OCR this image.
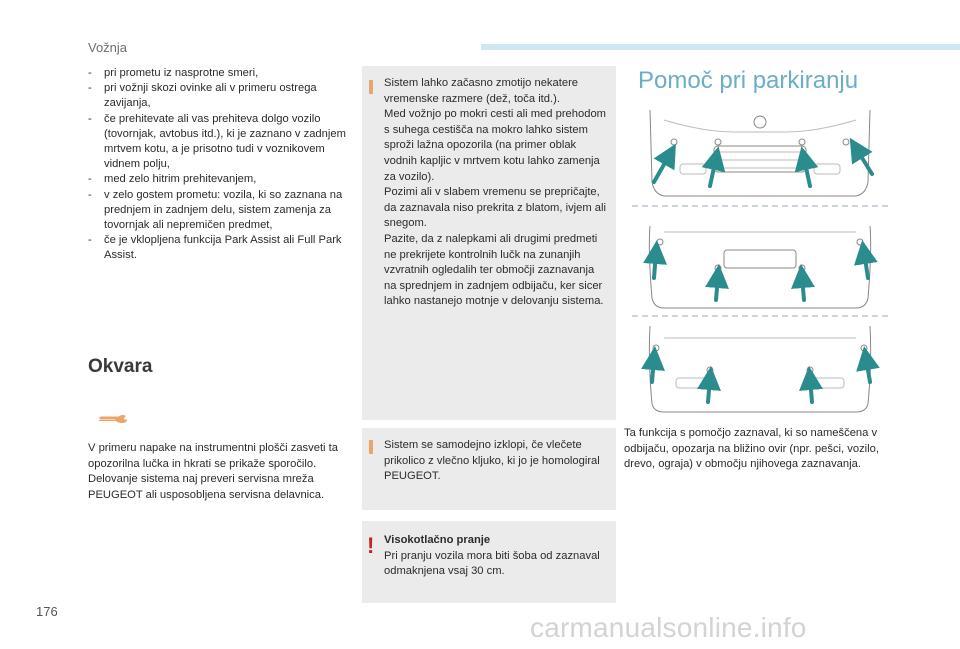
Vožnja
- pri prometu iz nasprotne smeri,
- pri vožnji skozi ovinke ali v primeru ostrega zavijanja,
- če prehitevate ali vas prehiteva dolgo vozilo (tovornjak, avtobus itd.), ki je zaznano v zadnjem mrtvem kotu, a je prisotno tudi v voznikovem vidnem polju,
- med zelo hitrim prehitevanjem,
- v zelo gostem prometu: vozila, ki so zaznana na prednjem in zadnjem delu, sistem zamenja za tovornjak ali nepremičen predmet,
- če je vklopljena funkcija Park Assist ali Full Park Assist.
Okvara

V primeru napake na instrumentni plošči zasveti ta opozorilna lučka in hkrati se prikaže sporočilo.
Delovanje sistema naj preveri servisna mreža PEUGEOT ali usposobljena servisna delavnica.

Sistem lahko začasno zmotijo nekatere vremenske razmere (dež, toča itd.).
Med vožnjo po mokri cesti ali med prehodom s suhega cestišča na mokro lahko sistem sproži lažna opozorila (na primer oblak vodnih kapljic v mrtvem kotu lahko zamenja za vozilo).
Pozimi ali v slabem vremenu se prepričajte, da zaznavala niso prekrita z blatom, ivjem ali snegom.
Pazite, da z nalepkami ali drugimi predmeti ne prekrijete kontrolnih lučk na zunanjih vzvratnih ogledalih ter območji zaznavanja na sprednjem in zadnjem odbijaču, ker sicer lahko nastanejo motnje v delovanju sistema.

Sistem se samodejno izklopi, če vlečete prikolico z vlečno kljuko, ki jo je homologiral PEUGEOT.

Visokotlačno pranje

Pri pranju vozila mora biti šoba od zaznaval odmaknjena vsaj 30 cm.

!
Pomoč pri parkiranju

Ta funkcija s pomočjo zaznaval, ki so nameščena v odbijaču, opozarja na bližino ovir (npr. pešci, vozilo, drevo, ograja) v območju njihovega zaznavanja.

176
carmanualsonline.info
